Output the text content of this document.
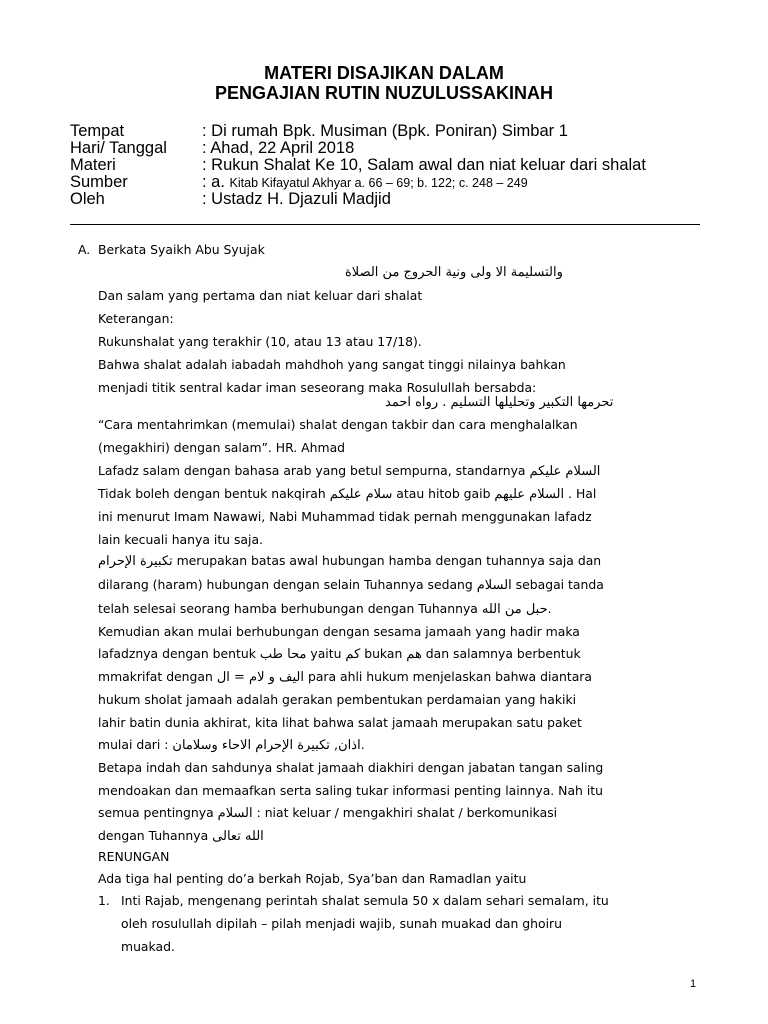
MATERI DISAJIKAN DALAM
PENGAJIAN RUTIN NUZULUSSAKINAH
Tempat	: Di rumah Bpk. Musiman (Bpk. Poniran) Simbar 1
Hari/ Tanggal : Ahad, 22 April 2018
Materi	: Rukun Shalat Ke 10, Salam awal dan niat keluar dari shalat
Sumber	: a. Kitab Kifayatul Akhyar a. 66 – 69; b. 122; c. 248 – 249
Oleh	: Ustadz H. Djazuli Madjid
A. Berkata Syaikh Abu Syujak
والتسليمة الا ولى ونية الحروج من الصلاة
Dan salam yang pertama dan niat keluar dari shalat
Keterangan:
Rukunshalat yang terakhir (10, atau 13 atau 17/18).
Bahwa shalat adalah iabadah mahdhoh yang sangat tinggi nilainya bahkan
menjadi titik sentral kadar iman seseorang maka Rosulullah bersabda:
تحرمها التكبير وتحليلها التسليم . رواه احمد
“Cara mentahrimkan (memulai) shalat dengan takbir dan cara menghalalkan
(megakhiri) dengan salam”. HR. Ahmad
Lafadz salam dengan bahasa arab yang betul sempurna, standarnya السلام عليكم
Tidak boleh dengan bentuk nakqirah سلام عليكم atau hitob gaib السلام عليهم . Hal
ini menurut Imam Nawawi, Nabi Muhammad tidak pernah menggunakan lafadz
lain kecuali hanya itu saja.
تكبيرة الإحرام merupakan batas awal hubungan hamba dengan tuhannya saja dan
dilarang (haram) hubungan dengan selain Tuhannya sedang السلام sebagai tanda
telah selesai seorang hamba berhubungan dengan Tuhannya حبل من الله.
Kemudian akan mulai berhubungan dengan sesama jamaah yang hadir maka
lafadznya dengan bentuk محا طب yaitu كم bukan هم dan salamnya berbentuk
mmakrifat dengan اليف و لام = ال para ahli hukum menjelaskan bahwa diantara
hukum sholat jamaah adalah gerakan pembentukan perdamaian yang hakiki
lahir batin dunia akhirat, kita lihat bahwa salat jamaah merupakan satu paket
mulai dari : اذان, تكبيرة الإحرام الاحاء وسلامان.
Betapa indah dan sahdunya shalat jamaah diakhiri dengan jabatan tangan saling
mendoakan dan memaafkan serta saling tukar informasi penting lainnya. Nah itu
semua pentingnya السلام : niat keluar / mengakhiri shalat / berkomunikasi
dengan Tuhannya الله تعالى
RENUNGAN
Ada tiga hal penting do’a berkah Rojab, Sya’ban dan Ramadlan yaitu
1. Inti Rajab, mengenang perintah shalat semula 50 x dalam sehari semalam, itu
oleh rosulullah dipilah – pilah menjadi wajib, sunah muakad dan ghoiru
muakad.
1
